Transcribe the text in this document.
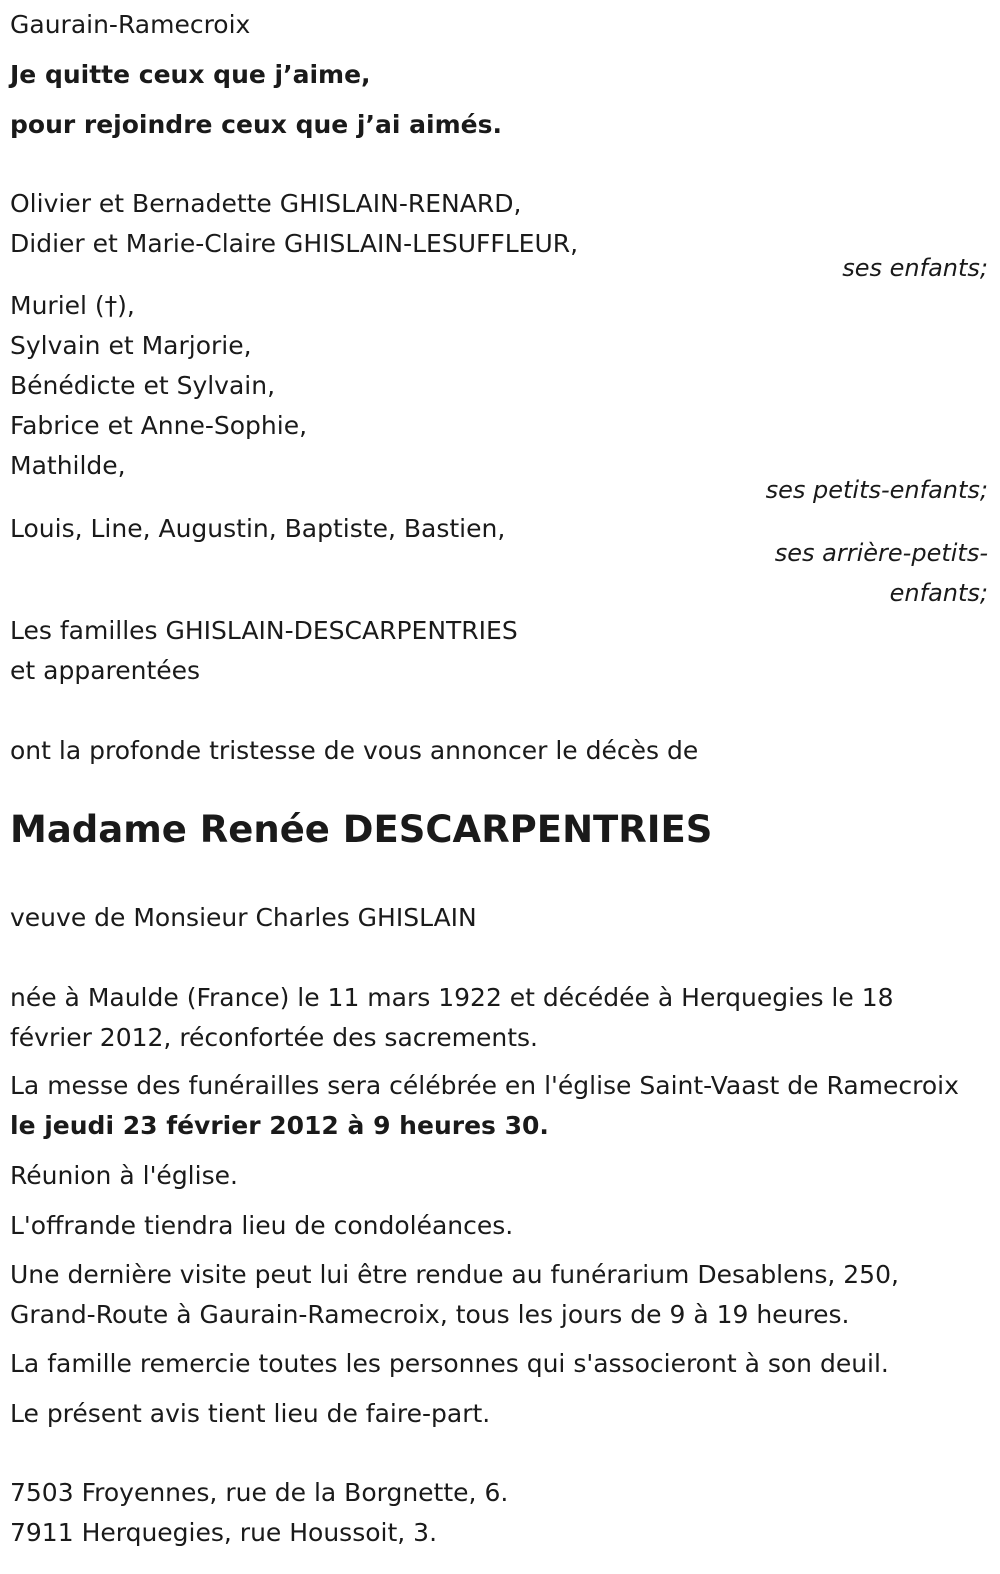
Gaurain-Ramecroix
Je quitte ceux que j’aime,
pour rejoindre ceux que j’ai aimés.
Olivier et Bernadette GHISLAIN-RENARD,
Didier et Marie-Claire GHISLAIN-LESUFFLEUR,
ses enfants;
Muriel (†),
Sylvain et Marjorie,
Bénédicte et Sylvain,
Fabrice et Anne-Sophie,
Mathilde,
ses petits-enfants;
Louis, Line, Augustin, Baptiste, Bastien,
ses arrière-petits-
enfants;
Les familles GHISLAIN-DESCARPENTRIES
et apparentées
ont la profonde tristesse de vous annoncer le décès de
Madame Renée DESCARPENTRIES
veuve de Monsieur Charles GHISLAIN
née à Maulde (France) le 11 mars 1922 et décédée à Herquegies le 18 février 2012, réconfortée des sacrements.
La messe des funérailles sera célébrée en l'église Saint-Vaast de Ramecroix le jeudi 23 février 2012 à 9 heures 30.
Réunion à l'église.
L'offrande tiendra lieu de condoléances.
Une dernière visite peut lui être rendue au funérarium Desablens, 250, Grand-Route à Gaurain-Ramecroix, tous les jours de 9 à 19 heures.
La famille remercie toutes les personnes qui s'associeront à son deuil.
Le présent avis tient lieu de faire-part.
7503 Froyennes, rue de la Borgnette, 6.
7911 Herquegies, rue Houssoit, 3.
